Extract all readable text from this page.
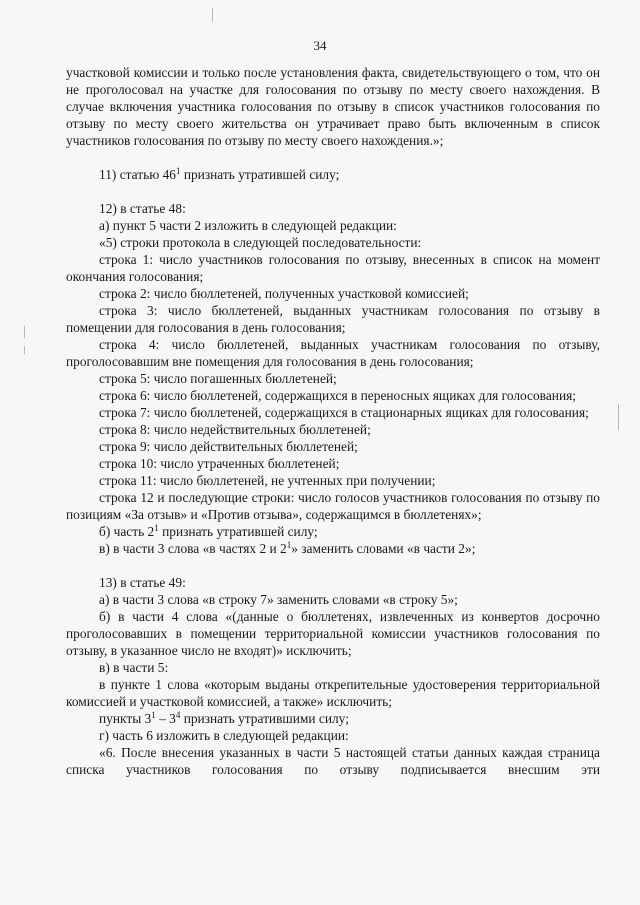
34

участковой комиссии и только после установления факта, свидетельствующего о том, что он не проголосовал на участке для голосования по отзыву по месту своего нахождения. В случае включения участника голосования по отзыву в список участников голосования по отзыву по месту своего жительства он утрачивает право быть включенным в список участников голосования по отзыву по месту своего нахождения.»;

11) статью $46^1$ признать утратившей силу;

12) в статье 48:

а) пункт 5 части 2 изложить в следующей редакции:

«5) строки протокола в следующей последовательности:

строка 1: число участников голосования по отзыву, внесенных в список на момент окончания голосования;

строка 2: число бюллетеней, полученных участковой комиссией;

строка 3: число бюллетеней, выданных участникам голосования по отзыву в помещении для голосования в день голосования;

строка 4: число бюллетеней, выданных участникам голосования по отзыву, проголосовавшим вне помещения для голосования в день голосования;

строка 5: число погашенных бюллетеней;

строка 6: число бюллетеней, содержащихся в переносных ящиках для голосования;

строка 7: число бюллетеней, содержащихся в стационарных ящиках для голосования;

строка 8: число недействительных бюллетеней;

строка 9: число действительных бюллетеней;

строка 10: число утраченных бюллетеней;

строка 11: число бюллетеней, не учтенных при получении;

строка 12 и последующие строки: число голосов участников голосования по отзыву по позициям «За отзыв» и «Против отзыва», содержащимся в бюллетенях»;

б) часть $2^1$ признать утратившей силу;

в) в части 3 слова «в частях 2 и $2^1$» заменить словами «в части 2»;

13) в статье 49:

а) в части 3 слова «в строку 7» заменить словами «в строку 5»;

б) в части 4 слова «(данные о бюллетенях, извлеченных из конвертов досрочно проголосовавших в помещении территориальной комиссии участников голосования по отзыву, в указанное число не входят)» исключить;

в) в части 5:

в пункте 1 слова «которым выданы открепительные удостоверения территориальной комиссией и участковой комиссией, а также» исключить;

пункты $3^1 - 3^4$ признать утратившими силу;

г) часть 6 изложить в следующей редакции:

«6. После внесения указанных в части 5 настоящей статьи данных каждая страница списка участников голосования по отзыву подписывается внесшим эти
